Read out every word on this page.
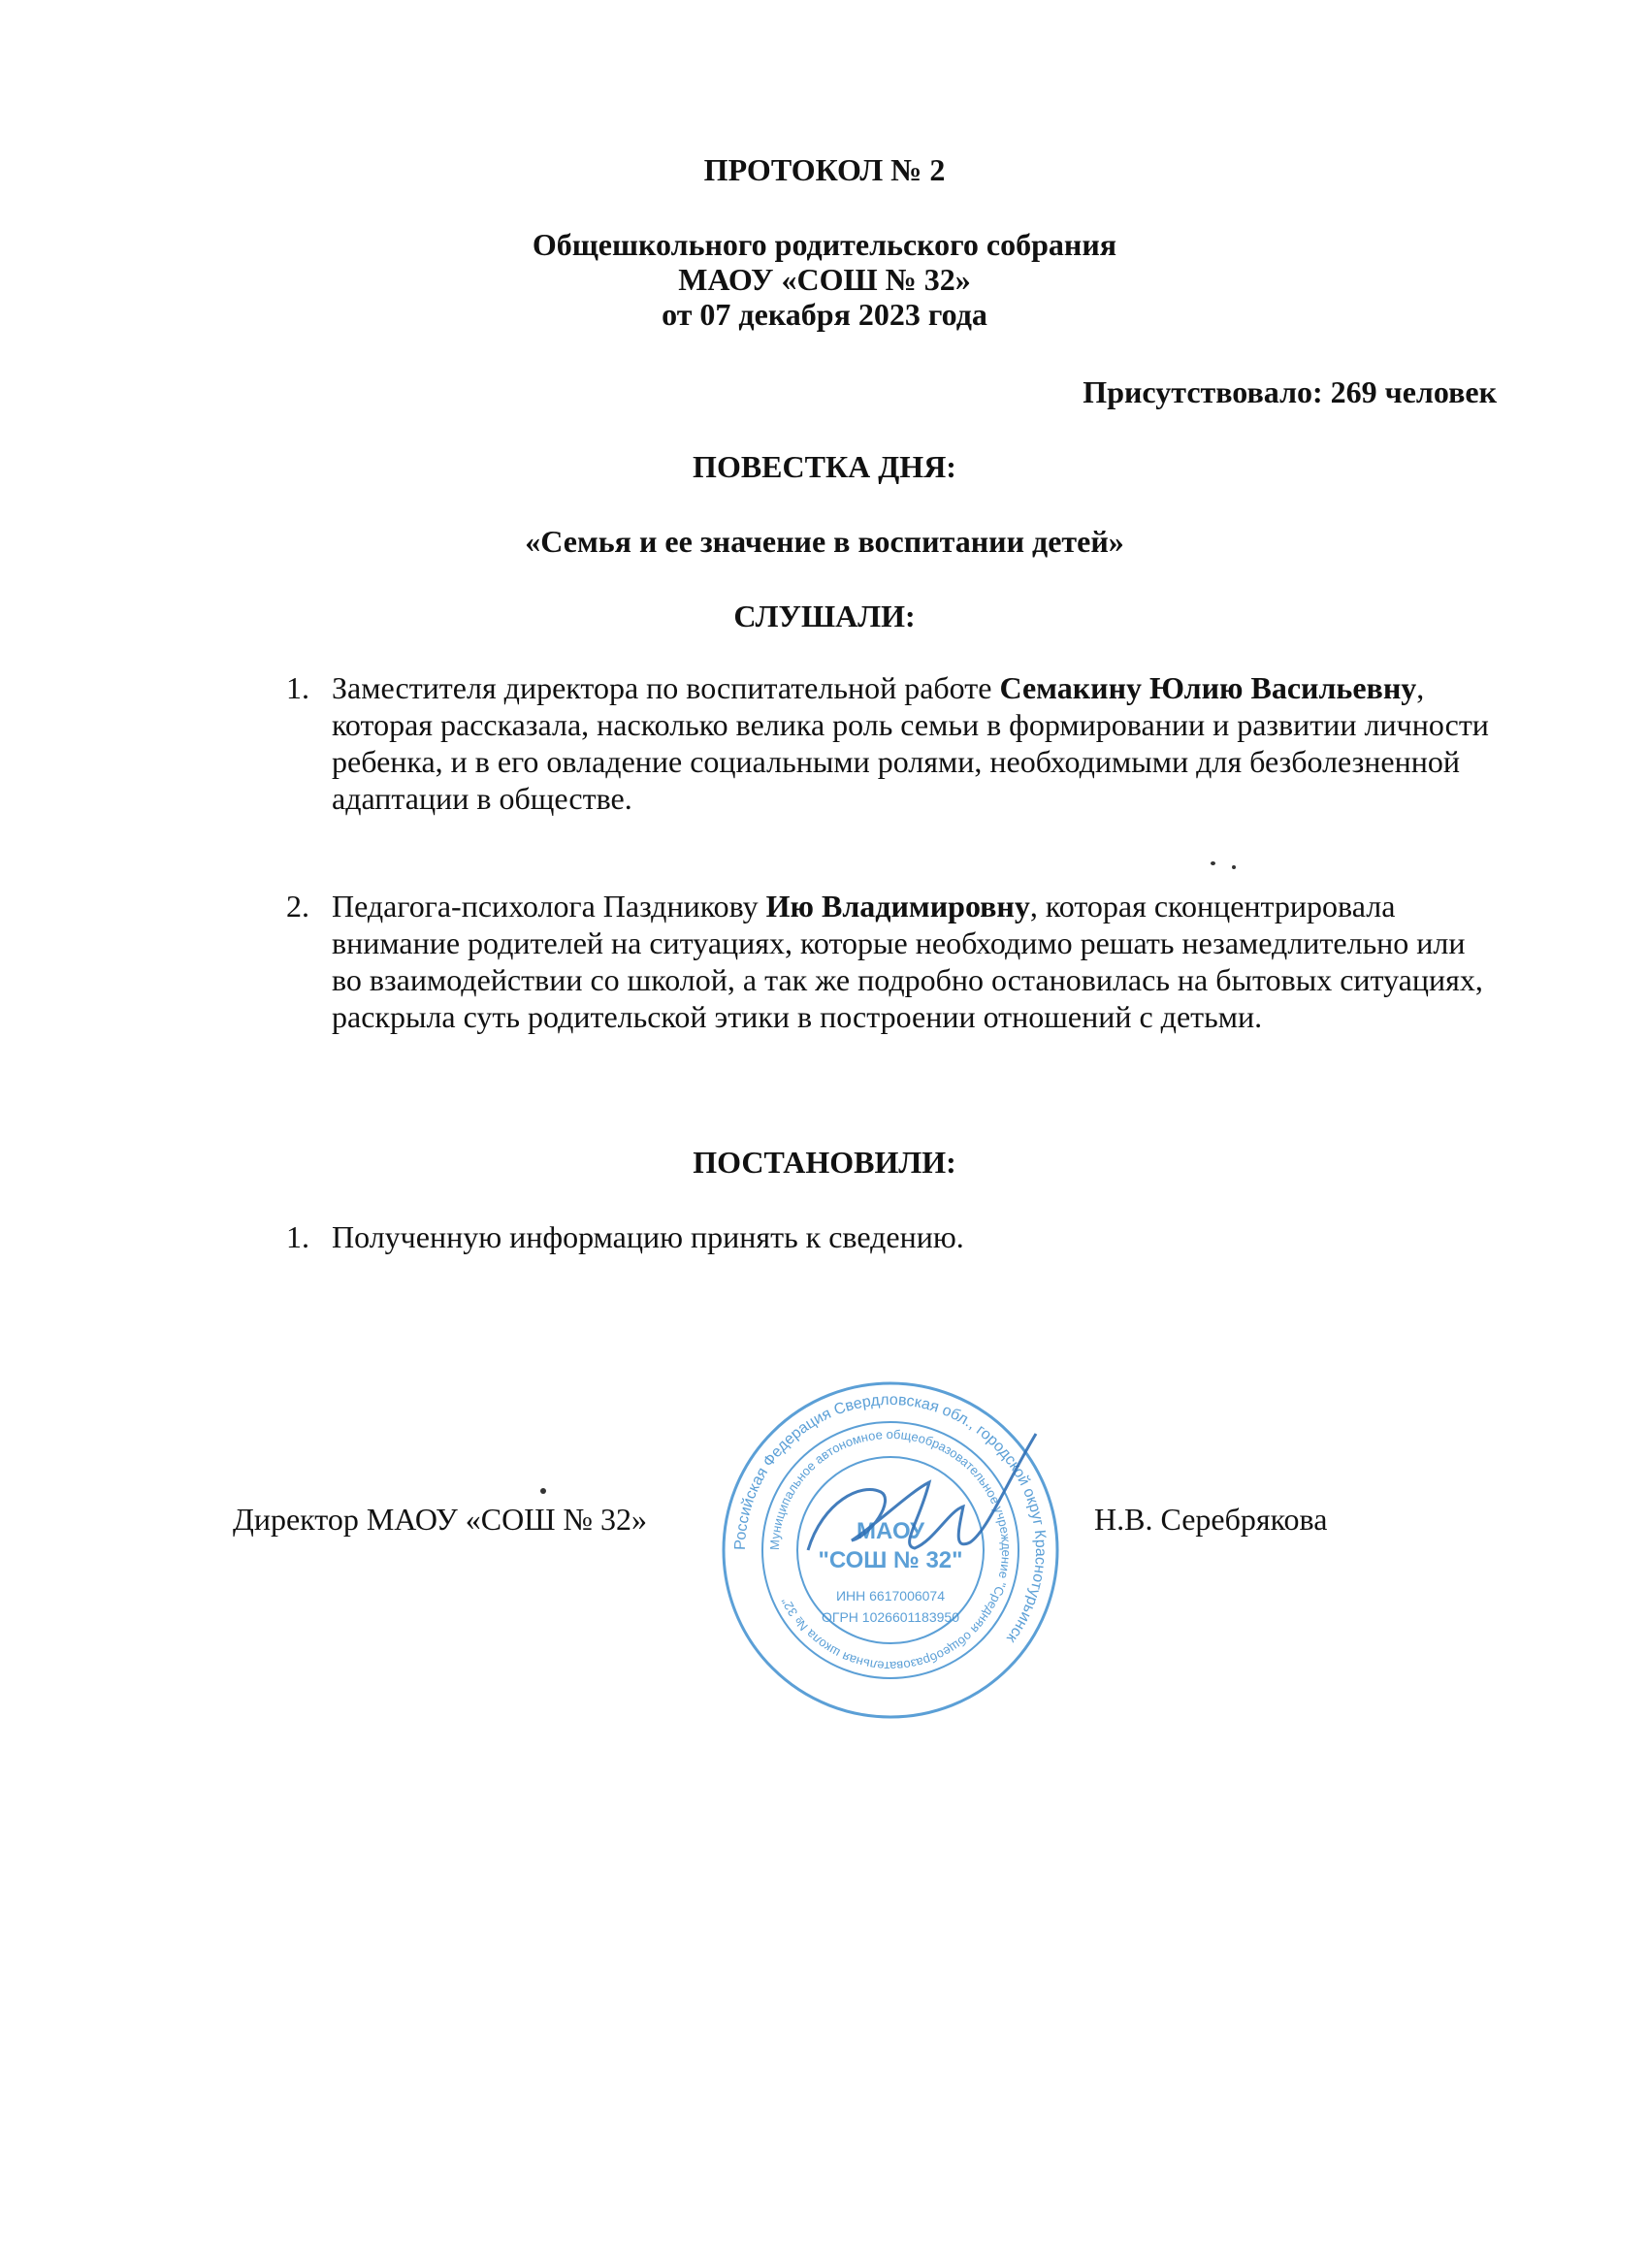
ПРОТОКОЛ № 2
Общешкольного родительского собрания
МАОУ «СОШ № 32»
от 07 декабря 2023 года
Присутствовало: 269 человек
ПОВЕСТКА ДНЯ:
«Семья и ее значение в воспитании детей»
СЛУШАЛИ:
1. Заместителя директора по воспитательной работе Семакину Юлию Васильевну, которая рассказала, насколько велика роль семьи в формировании и развитии личности ребенка, и в его овладение социальными ролями, необходимыми для безболезненной адаптации в обществе.
2. Педагога-психолога Паздникову Ию Владимировну, которая сконцентрировала внимание родителей на ситуациях, которые необходимо решать незамедлительно или во взаимодействии со школой, а так же подробно остановилась на бытовых ситуациях, раскрыла суть родительской этики в построении отношений с детьми.
ПОСТАНОВИЛИ:
1. Полученную информацию принять к сведению.
Директор МАОУ «СОШ № 32»	Н.В. Серебрякова
Российская Федерация Свердловская обл., городской округ Краснотурьинск
Муниципальное автономное общеобразовательное учреждение "Средняя общеобразовательная школа № 32"
МАОУ
"СОШ № 32"
ИНН 6617006074
ОГРН 1026601183950
